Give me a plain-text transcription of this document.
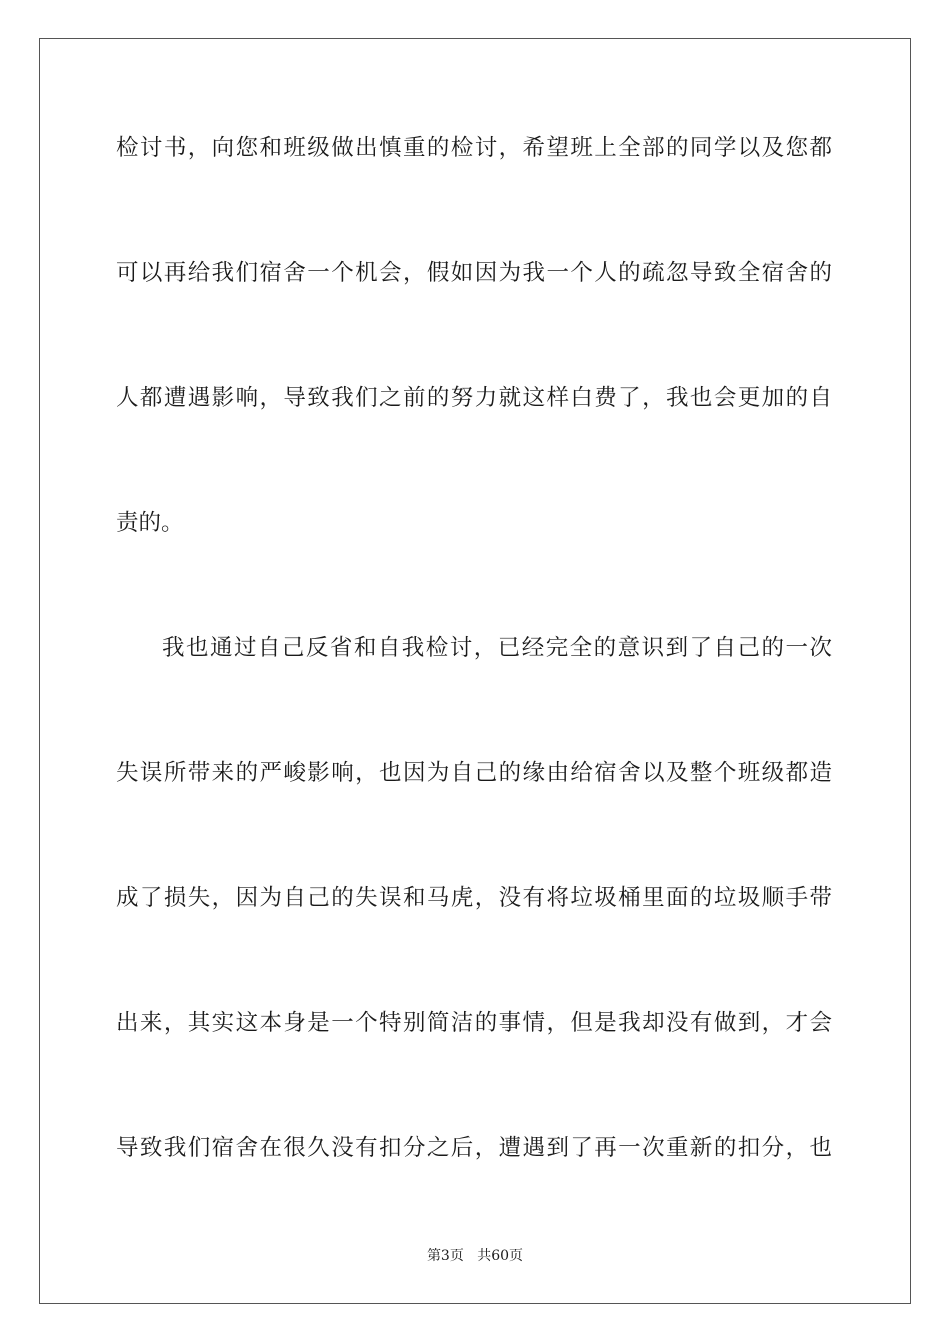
检讨书，向您和班级做出慎重的检讨，希望班上全部的同学以及您都
可以再给我们宿舍一个机会，假如因为我一个人的疏忽导致全宿舍的
人都遭遇影响，导致我们之前的努力就这样白费了，我也会更加的自
责的。
我也通过自己反省和自我检讨，已经完全的意识到了自己的一次
失误所带来的严峻影响，也因为自己的缘由给宿舍以及整个班级都造
成了损失，因为自己的失误和马虎，没有将垃圾桶里面的垃圾顺手带
出来，其实这本身是一个特别简洁的事情，但是我却没有做到，才会
导致我们宿舍在很久没有扣分之后，遭遇到了再一次重新的扣分，也
第3页 共60页
